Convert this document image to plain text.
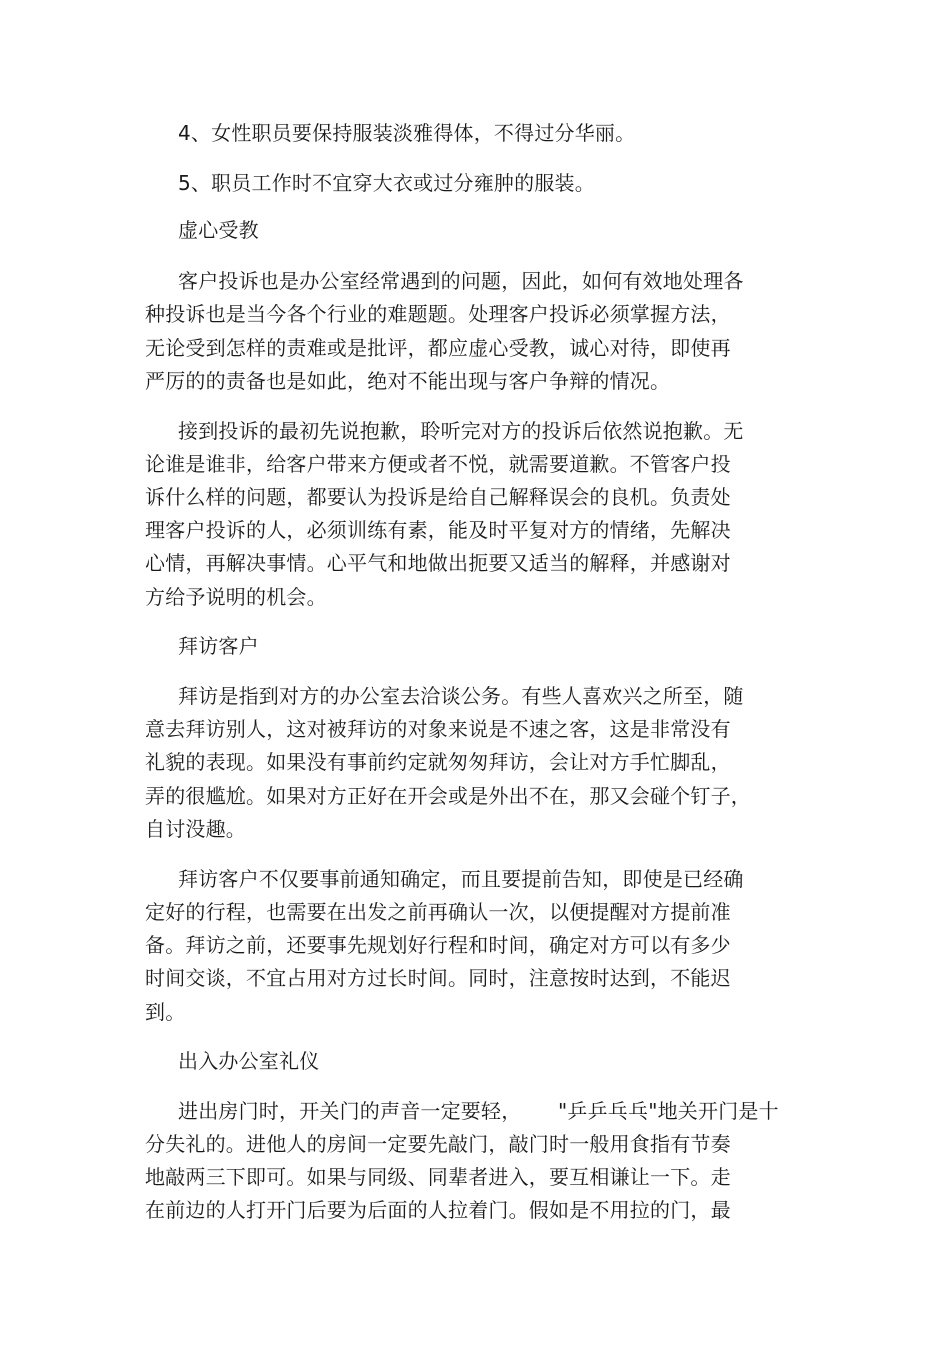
4、女性职员要保持服装淡雅得体，不得过分华丽。

5、职员工作时不宜穿大衣或过分雍肿的服装。

虚心受教

客户投诉也是办公室经常遇到的问题，因此，如何有效地处理各

种投诉也是当今各个行业的难题题。处理客户投诉必须掌握方法，

无论受到怎样的责难或是批评，都应虚心受教，诚心对待，即使再

严厉的的责备也是如此，绝对不能出现与客户争辩的情况。

接到投诉的最初先说抱歉，聆听完对方的投诉后依然说抱歉。无

论谁是谁非，给客户带来方便或者不悦，就需要道歉。不管客户投

诉什么样的问题，都要认为投诉是给自己解释误会的良机。负责处

理客户投诉的人，必须训练有素，能及时平复对方的情绪，先解决

心情，再解决事情。心平气和地做出扼要又适当的解释，并感谢对

方给予说明的机会。

拜访客户

拜访是指到对方的办公室去洽谈公务。有些人喜欢兴之所至，随

意去拜访别人，这对被拜访的对象来说是不速之客，这是非常没有

礼貌的表现。如果没有事前约定就匆匆拜访，会让对方手忙脚乱，

弄的很尴尬。如果对方正好在开会或是外出不在，那又会碰个钉子，

自讨没趣。

拜访客户不仅要事前通知确定，而且要提前告知，即使是已经确

定好的行程，也需要在出发之前再确认一次，以便提醒对方提前准

备。拜访之前，还要事先规划好行程和时间，确定对方可以有多少

时间交谈，不宜占用对方过长时间。同时，注意按时达到，不能迟

到。

出入办公室礼仪

进出房门时，开关门的声音一定要轻， "乒乒乓乓"地关开门是十

分失礼的。进他人的房间一定要先敲门，敲门时一般用食指有节奏

地敲两三下即可。如果与同级、同辈者进入，要互相谦让一下。走

在前边的人打开门后要为后面的人拉着门。假如是不用拉的门，最
